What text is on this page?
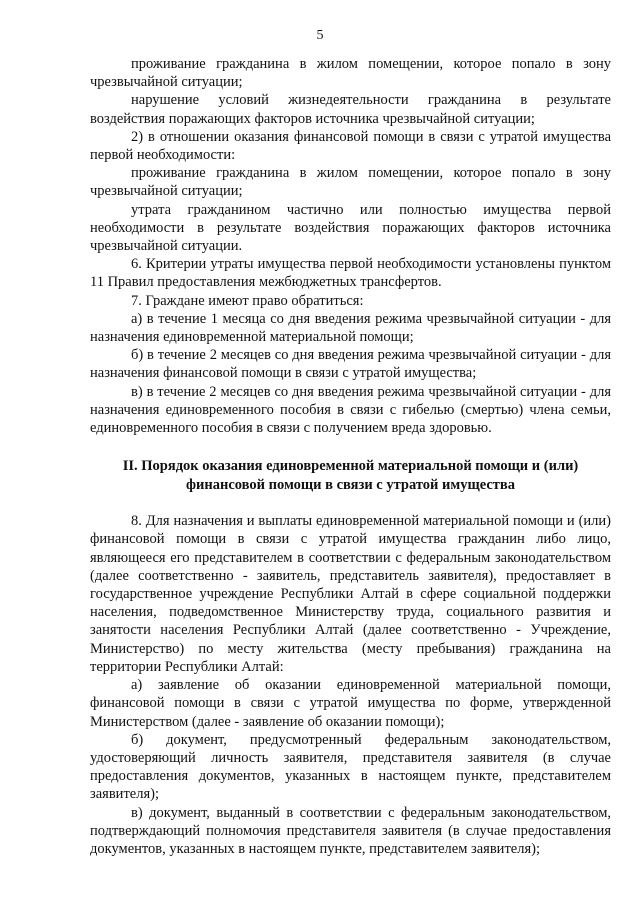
5

проживание гражданина в жилом помещении, которое попало в зону чрезвычайной ситуации;

нарушение условий жизнедеятельности гражданина в результате воздействия поражающих факторов источника чрезвычайной ситуации;

2) в отношении оказания финансовой помощи в связи с утратой имущества первой необходимости:

проживание гражданина в жилом помещении, которое попало в зону чрезвычайной ситуации;

утрата гражданином частично или полностью имущества первой необходимости в результате воздействия поражающих факторов источника чрезвычайной ситуации.

6. Критерии утраты имущества первой необходимости установлены пунктом 11 Правил предоставления межбюджетных трансфертов.

7. Граждане имеют право обратиться:

а) в течение 1 месяца со дня введения режима чрезвычайной ситуации - для назначения единовременной материальной помощи;

б) в течение 2 месяцев со дня введения режима чрезвычайной ситуации - для назначения финансовой помощи в связи с утратой имущества;

в) в течение 2 месяцев со дня введения режима чрезвычайной ситуации - для назначения единовременного пособия в связи с гибелью (смертью) члена семьи, единовременного пособия в связи с получением вреда здоровью.

II. Порядок оказания единовременной материальной помощи и (или)
финансовой помощи в связи с утратой имущества

8. Для назначения и выплаты единовременной материальной помощи и (или) финансовой помощи в связи с утратой имущества гражданин либо лицо, являющееся его представителем в соответствии с федеральным законодательством (далее соответственно - заявитель, представитель заявителя), предоставляет в государственное учреждение Республики Алтай в сфере социальной поддержки населения, подведомственное Министерству труда, социального развития и занятости населения Республики Алтай (далее соответственно - Учреждение, Министерство) по месту жительства (месту пребывания) гражданина на территории Республики Алтай:

а) заявление об оказании единовременной материальной помощи, финансовой помощи в связи с утратой имущества по форме, утвержденной Министерством (далее - заявление об оказании помощи);

б) документ, предусмотренный федеральным законодательством, удостоверяющий личность заявителя, представителя заявителя (в случае предоставления документов, указанных в настоящем пункте, представителем заявителя);

в) документ, выданный в соответствии с федеральным законодательством, подтверждающий полномочия представителя заявителя (в случае предоставления документов, указанных в настоящем пункте, представителем заявителя);
